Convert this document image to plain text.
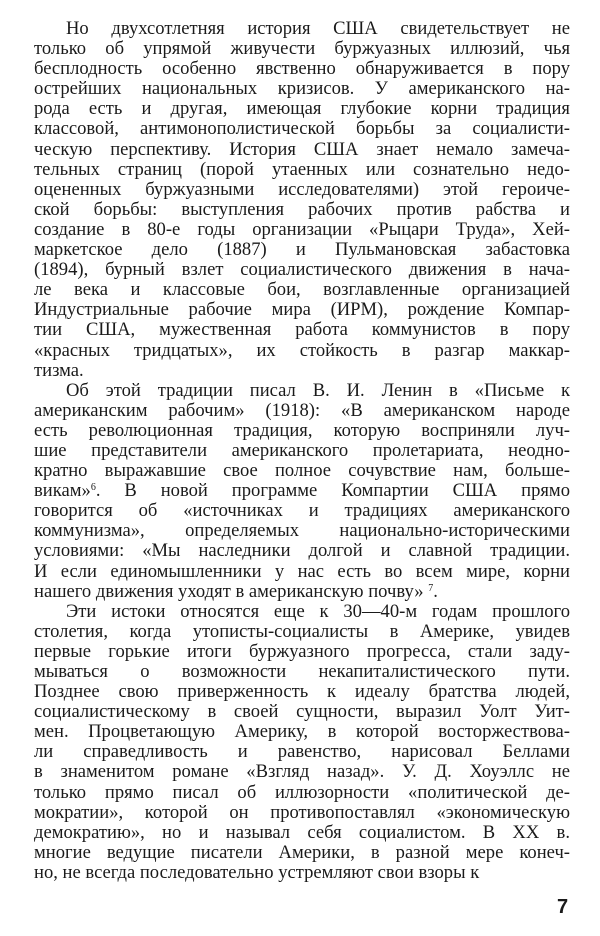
Но двухсотлетняя история США свидетельствует не
только об упрямой живучести буржуазных иллюзий, чья
бесплодность особенно явственно обнаруживается в пору
острейших национальных кризисов. У американского на-
рода есть и другая, имеющая глубокие корни традиция
классовой, антимонополистической борьбы за социалисти-
ческую перспективу. История США знает немало замеча-
тельных страниц (порой утаенных или сознательно недо-
оцененных буржуазными исследователями) этой героиче-
ской борьбы: выступления рабочих против рабства и
создание в 80-е годы организации «Рыцари Труда», Хей-
маркетское дело (1887) и Пульмановская забастовка
(1894), бурный взлет социалистического движения в нача-
ле века и классовые бои, возглавленные организацией
Индустриальные рабочие мира (ИРМ), рождение Компар-
тии США, мужественная работа коммунистов в пору
«красных тридцатых», их стойкость в разгар маккар-
тизма.
Об этой традиции писал В. И. Ленин в «Письме к
американским рабочим» (1918): «В американском народе
есть революционная традиция, которую восприняли луч-
шие представители американского пролетариата, неодно-
кратно выражавшие свое полное сочувствие нам, больше-
викам»$^6$. В новой программе Компартии США прямо
говорится об «источниках и традициях американского
коммунизма», определяемых национально-историческими
условиями: «Мы наследники долгой и славной традиции.
И если единомышленники у нас есть во всем мире, корни
нашего движения уходят в американскую почву» $^7$.
Эти истоки относятся еще к 30—40-м годам прошлого
столетия, когда утописты-социалисты в Америке, увидев
первые горькие итоги буржуазного прогресса, стали заду-
мываться о возможности некапиталистического пути.
Позднее свою приверженность к идеалу братства людей,
социалистическому в своей сущности, выразил Уолт Уит-
мен. Процветающую Америку, в которой восторжествова-
ли справедливость и равенство, нарисовал Беллами
в знаменитом романе «Взгляд назад». У. Д. Хоуэллс не
только прямо писал об иллюзорности «политической де-
мократии», которой он противопоставлял «экономическую
демократию», но и называл себя социалистом. В XX в.
многие ведущие писатели Америки, в разной мере конеч-
но, не всегда последовательно устремляют свои взоры к
7
